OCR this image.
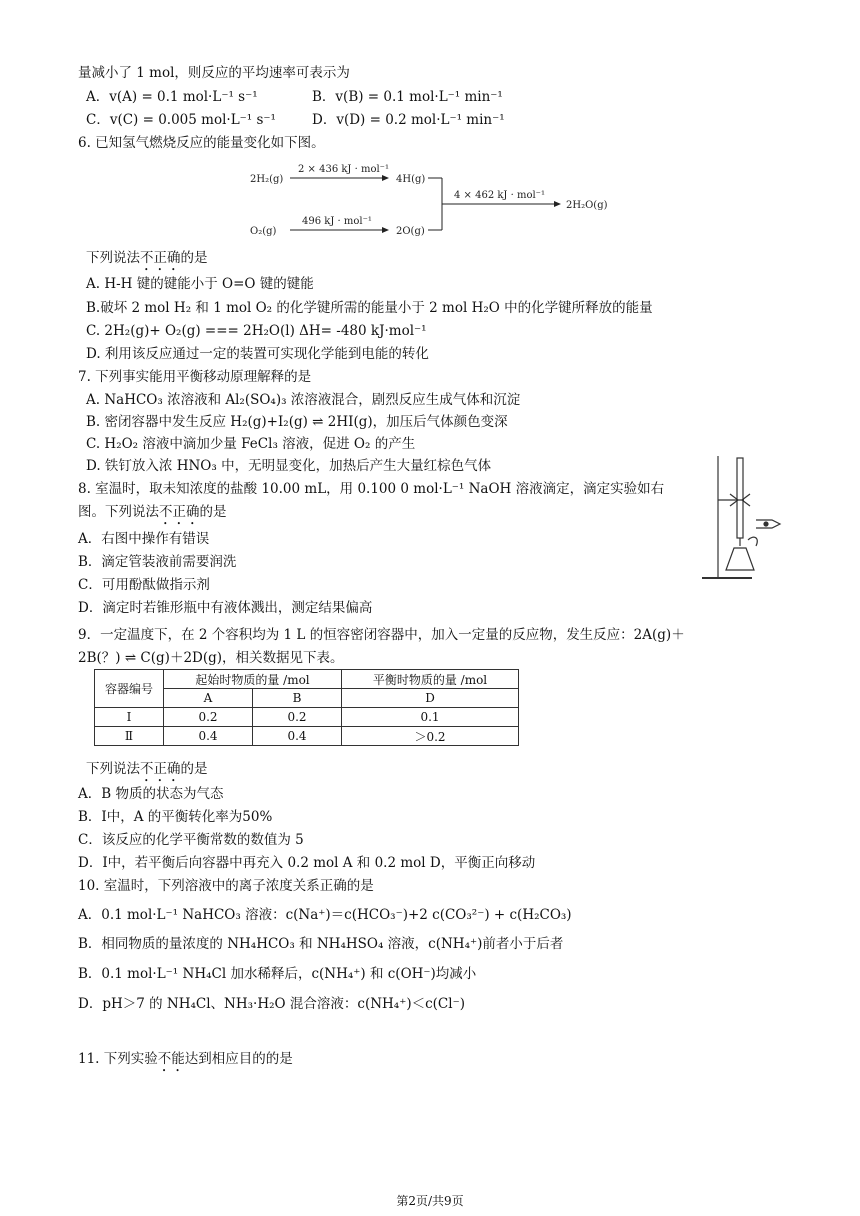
量减小了 1 mol，则反应的平均速率可表示为
A．v(A) = 0.1 mol·L⁻¹ s⁻¹	B．v(B) = 0.1 mol·L⁻¹ min⁻¹
C．v(C) = 0.005 mol·L⁻¹ s⁻¹	D．v(D) = 0.2 mol·L⁻¹ min⁻¹
6. 已知氢气燃烧反应的能量变化如下图。
2H₂(g)
2 × 436 kJ · mol⁻¹
4H(g)
O₂(g)
496 kJ · mol⁻¹
2O(g)
4 × 462 kJ · mol⁻¹
2H₂O(g)
下列说法不正确的是
A. H-H 键的键能小于 O=O 键的键能
B.破坏 2 mol H₂ 和 1 mol O₂ 的化学键所需的能量小于 2 mol H₂O 中的化学键所释放的能量
C. 2H₂(g)+ O₂(g) === 2H₂O(l) ΔH= -480 kJ·mol⁻¹
D. 利用该反应通过一定的装置可实现化学能到电能的转化
7. 下列事实能用平衡移动原理解释的是
A. NaHCO₃ 浓溶液和 Al₂(SO₄)₃ 浓溶液混合，剧烈反应生成气体和沉淀
B. 密闭容器中发生反应 H₂(g)+I₂(g) ⇌ 2HI(g)，加压后气体颜色变深
C. H₂O₂ 溶液中滴加少量 FeCl₃ 溶液，促进 O₂ 的产生
D. 铁钉放入浓 HNO₃ 中，无明显变化，加热后产生大量红棕色气体
8. 室温时，取未知浓度的盐酸 10.00 mL，用 0.100 0 mol·L⁻¹ NaOH 溶液滴定，滴定实验如右
图。下列说法不正确的是
A．右图中操作有错误
B．滴定管装液前需要润洗
C．可用酚酞做指示剂
D．滴定时若锥形瓶中有液体溅出，测定结果偏高
9．一定温度下，在 2 个容积均为 1 L 的恒容密闭容器中，加入一定量的反应物，发生反应：2A(g)＋
2B(？) ⇌ C(g)＋2D(g)，相关数据见下表。
容器编号	起始时物质的量 /mol		平衡时物质的量 /mol
	A	B	D
Ⅰ	0.2	0.2	0.1
Ⅱ	0.4	0.4	＞0.2
下列说法不正确的是
A．B 物质的状态为气态
B．I中，A 的平衡转化率为50%
C．该反应的化学平衡常数的数值为 5
D．I中，若平衡后向容器中再充入 0.2 mol A 和 0.2 mol D，平衡正向移动
10. 室温时，下列溶液中的离子浓度关系正确的是
A．0.1 mol·L⁻¹ NaHCO₃ 溶液：c(Na⁺)＝c(HCO₃⁻)+2 c(CO₃²⁻) + c(H₂CO₃)
B．相同物质的量浓度的 NH₄HCO₃ 和 NH₄HSO₄ 溶液，c(NH₄⁺)前者小于后者
B．0.1 mol·L⁻¹ NH₄Cl 加水稀释后，c(NH₄⁺) 和 c(OH⁻)均减小
D．pH＞7 的 NH₄Cl、NH₃·H₂O 混合溶液：c(NH₄⁺)＜c(Cl⁻)
11. 下列实验不能达到相应目的的是
第2页/共9页
